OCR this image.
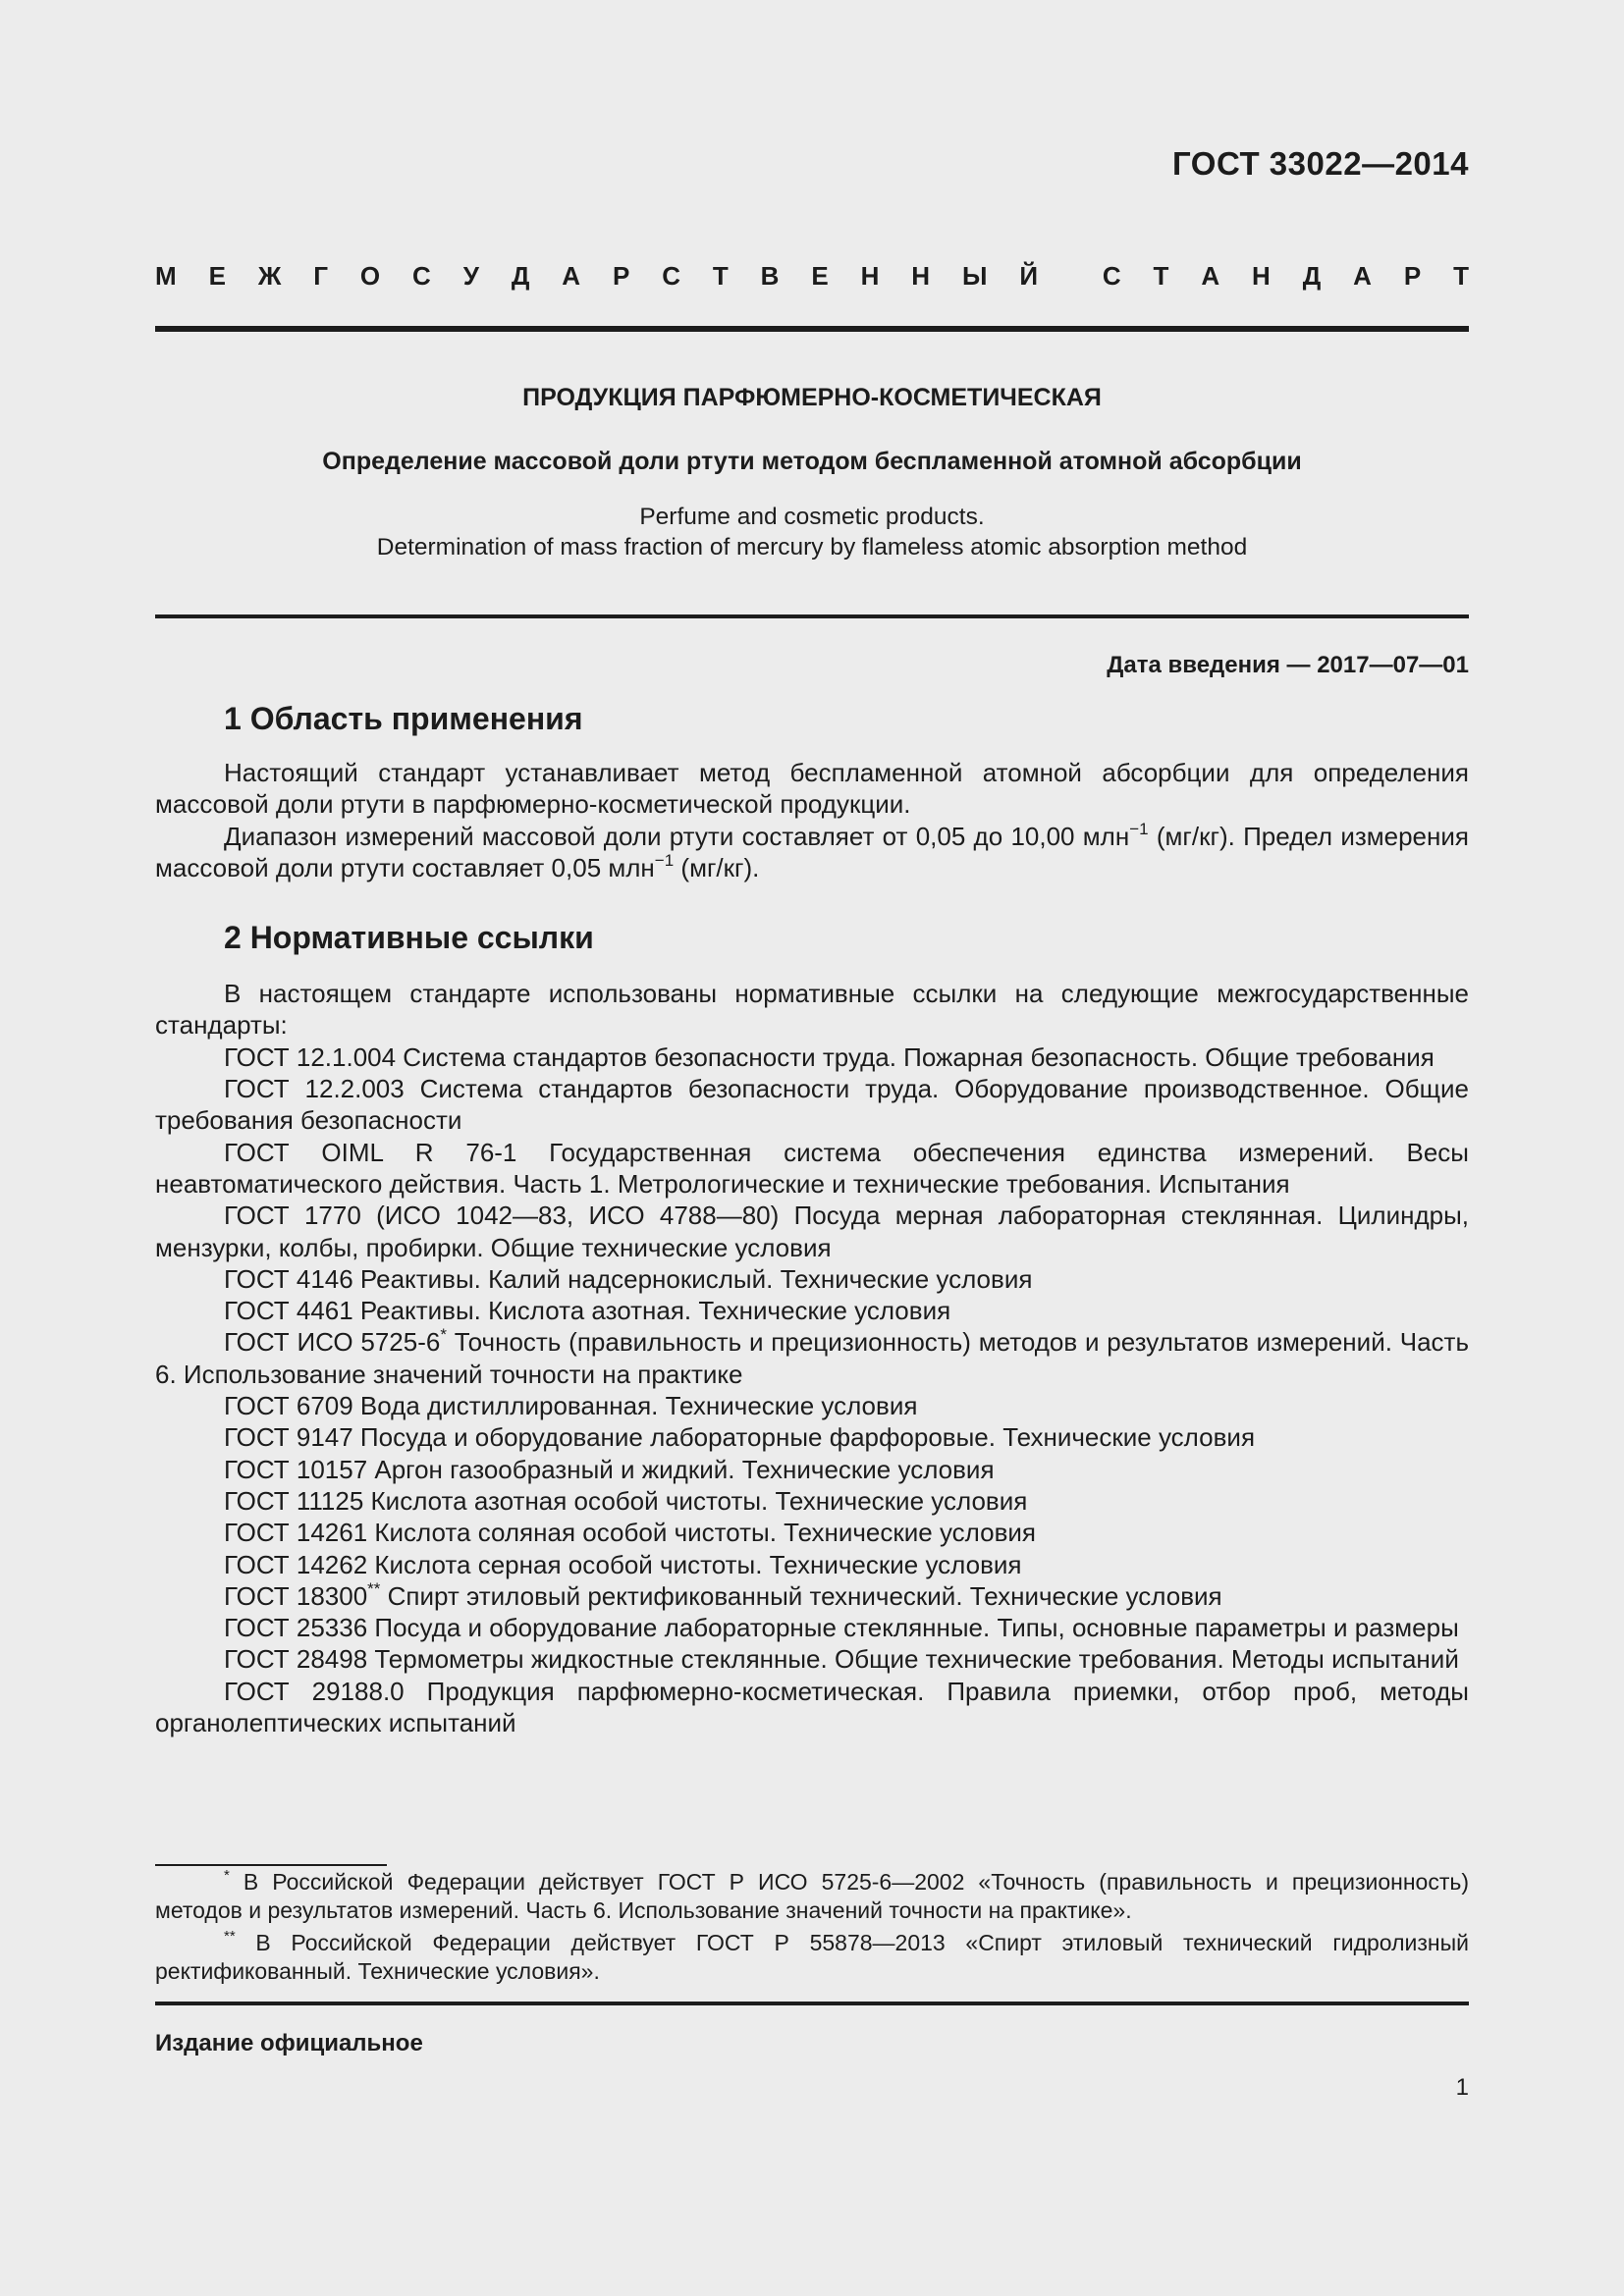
ГОСТ 33022—2014
М Е Ж Г О С У Д А Р С Т В Е Н Н Ы Й	С Т А Н Д А Р Т

ПРОДУКЦИЯ ПАРФЮМЕРНО-КОСМЕТИЧЕСКАЯ

Определение массовой доли ртути методом беспламенной атомной абсорбции

Perfume and cosmetic products.
Determination of mass fraction of mercury by flameless atomic absorption method

Дата введения — 2017—07—01
1 Область применения

Настоящий стандарт устанавливает метод беспламенной атомной абсорбции для определения массовой доли ртути в парфюмерно-косметической продукции.

Диапазон измерений массовой доли ртути составляет от 0,05 до 10,00 млн$^{-1}$ (мг/кг). Предел измерения массовой доли ртути составляет 0,05 млн$^{-1}$ (мг/кг).

2 Нормативные ссылки

В настоящем стандарте использованы нормативные ссылки на следующие межгосударственные стандарты:

ГОСТ 12.1.004 Система стандартов безопасности труда. Пожарная безопасность. Общие требования

ГОСТ 12.2.003 Система стандартов безопасности труда. Оборудование производственное. Общие требования безопасности

ГОСТ OIML R 76-1 Государственная система обеспечения единства измерений. Весы неавтоматического действия. Часть 1. Метрологические и технические требования. Испытания

ГОСТ 1770 (ИСО 1042—83, ИСО 4788—80) Посуда мерная лабораторная стеклянная. Цилиндры, мензурки, колбы, пробирки. Общие технические условия

ГОСТ 4146 Реактивы. Калий надсернокислый. Технические условия

ГОСТ 4461 Реактивы. Кислота азотная. Технические условия

ГОСТ ИСО 5725-6* Точность (правильность и прецизионность) методов и результатов измерений. Часть 6. Использование значений точности на практике

ГОСТ 6709 Вода дистиллированная. Технические условия

ГОСТ 9147 Посуда и оборудование лабораторные фарфоровые. Технические условия

ГОСТ 10157 Аргон газообразный и жидкий. Технические условия

ГОСТ 11125 Кислота азотная особой чистоты. Технические условия

ГОСТ 14261 Кислота соляная особой чистоты. Технические условия

ГОСТ 14262 Кислота серная особой чистоты. Технические условия

ГОСТ 18300** Спирт этиловый ректификованный технический. Технические условия

ГОСТ 25336 Посуда и оборудование лабораторные стеклянные. Типы, основные параметры и размеры

ГОСТ 28498 Термометры жидкостные стеклянные. Общие технические требования. Методы испытаний

ГОСТ 29188.0 Продукция парфюмерно-косметическая. Правила приемки, отбор проб, методы органолептических испытаний

* В Российской Федерации действует ГОСТ Р ИСО 5725-6—2002 «Точность (правильность и прецизионность) методов и результатов измерений. Часть 6. Использование значений точности на практике».

** В Российской Федерации действует ГОСТ Р 55878—2013 «Спирт этиловый технический гидролизный ректификованный. Технические условия».

Издание официальное
1
